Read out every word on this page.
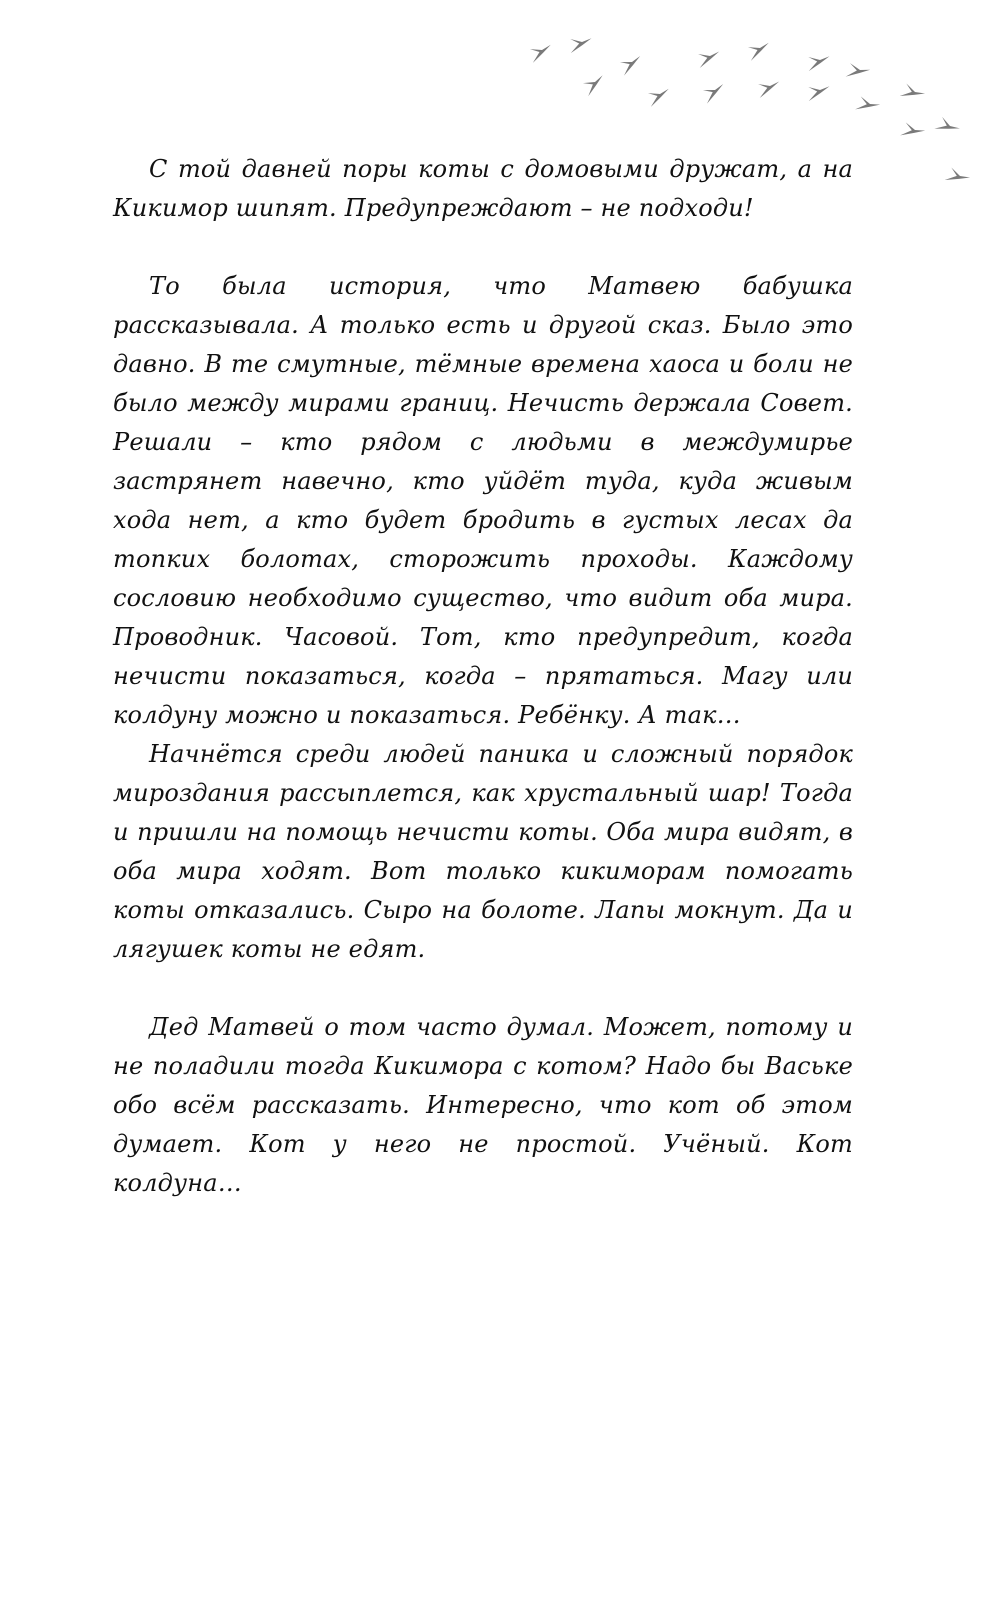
С той давней поры коты с домовыми дружат, а на Кикимор шипят. Предупреждают – не подходи!

То была история, что Матвею бабушка рассказывала. А только есть и другой сказ. Было это давно. В те смутные, тёмные времена хаоса и боли не было между мирами границ. Нечисть держала Совет. Решали – кто рядом с людьми в междумирье застрянет навечно, кто уйдёт туда, куда живым хода нет, а кто будет бродить в густых лесах да топких болотах, сторожить проходы. Каждому сословию необходимо существо, что видит оба мира. Проводник. Часовой. Тот, кто предупредит, когда нечисти показаться, когда – прятаться. Магу или колдуну можно и показаться. Ребёнку. А так…

Начнётся среди людей паника и сложный порядок мироздания рассыплется, как хрустальный шар! Тогда и пришли на помощь нечисти коты. Оба мира видят, в оба мира ходят. Вот только кикиморам помогать коты отказались. Сыро на болоте. Лапы мокнут. Да и лягушек коты не едят.

Дед Матвей о том часто думал. Может, потому и не поладили тогда Кикимора с котом? Надо бы Ваське обо всём рассказать. Интересно, что кот об этом думает. Кот у него не простой. Учёный. Кот колдуна…
